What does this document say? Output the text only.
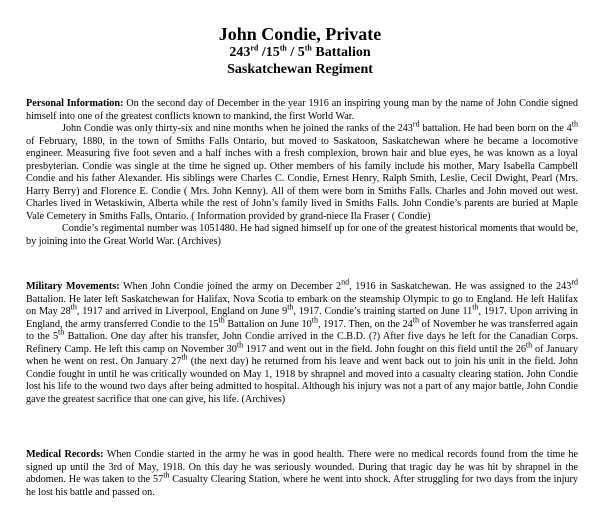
John Condie, Private
243rd /15th / 5th Battalion
Saskatchewan Regiment

Personal Information: On the second day of December in the year 1916 an inspiring young man by the name of John Condie signed himself into one of the greatest conflicts known to mankind, the first World War.

John Condie was only thirty-six and nine months when he joined the ranks of the 243rd battalion. He had been born on the 4th of February, 1880, in the town of Smiths Falls Ontario, but moved to Saskatoon, Saskatchewan where he became a locomotive engineer. Measuring five foot seven and a half inches with a fresh complexion, brown hair and blue eyes, he was known as a loyal presbyterian. Condie was single at the time he signed up. Other members of his family include his mother, Mary Isabella Campbell Condie and his father Alexander. His siblings were Charles C. Condie, Ernest Henry, Ralph Smith, Leslie, Cecil Dwight, Pearl (Mrs. Harry Berry) and Florence E. Condie ( Mrs. John Kenny). All of them were born in Smiths Falls. Charles and John moved out west. Charles lived in Wetaskiwin, Alberta while the rest of John’s family lived in Smiths Falls. John Condie’s parents are buried at Maple Vale Cemetery in Smiths Falls, Ontario. ( Information provided by grand-niece Ila Fraser ( Condie)

Condie’s regimental number was 1051480. He had signed himself up for one of the greatest historical moments that would be, by joining into the Great World War. (Archives)

Military Movements: When John Condie joined the army on December 2nd, 1916 in Saskatchewan. He was assigned to the 243rd Battalion. He later left Saskatchewan for Halifax, Nova Scotia to embark on the steamship Olympic to go to England. He left Halifax on May 28th, 1917 and arrived in Liverpool, England on June 9th, 1917. Condie’s training started on June 11th, 1917. Upon arriving in England, the army transferred Condie to the 15th Battalion on June 10th, 1917. Then, on the 24th of November he was transferred again to the 5th Battalion. One day after his transfer, John Condie arrived in the C.B.D. (?) After five days he left for the Canadian Corps. Refinery Camp. He left this camp on November 30th 1917 and went out in the field. John fought on this field until the 26th of January when he went on rest. On January 27th (the next day) he returned from his leave and went back out to join his unit in the field. John Condie fought in until he was critically wounded on May 1, 1918 by shrapnel and moved into a casualty clearing station. John Condie lost his life to the wound two days after being admitted to hospital. Although his injury was not a part of any major battle, John Condie gave the greatest sacrifice that one can give, his life. (Archives)

Medical Records: When Condie started in the army he was in good health. There were no medical records found from the time he signed up until the 3rd of May, 1918. On this day he was seriously wounded. During that tragic day he was hit by shrapnel in the abdomen. He was taken to the 57th Casualty Clearing Station, where he went into shock. After struggling for two days from the injury he lost his battle and passed on.
